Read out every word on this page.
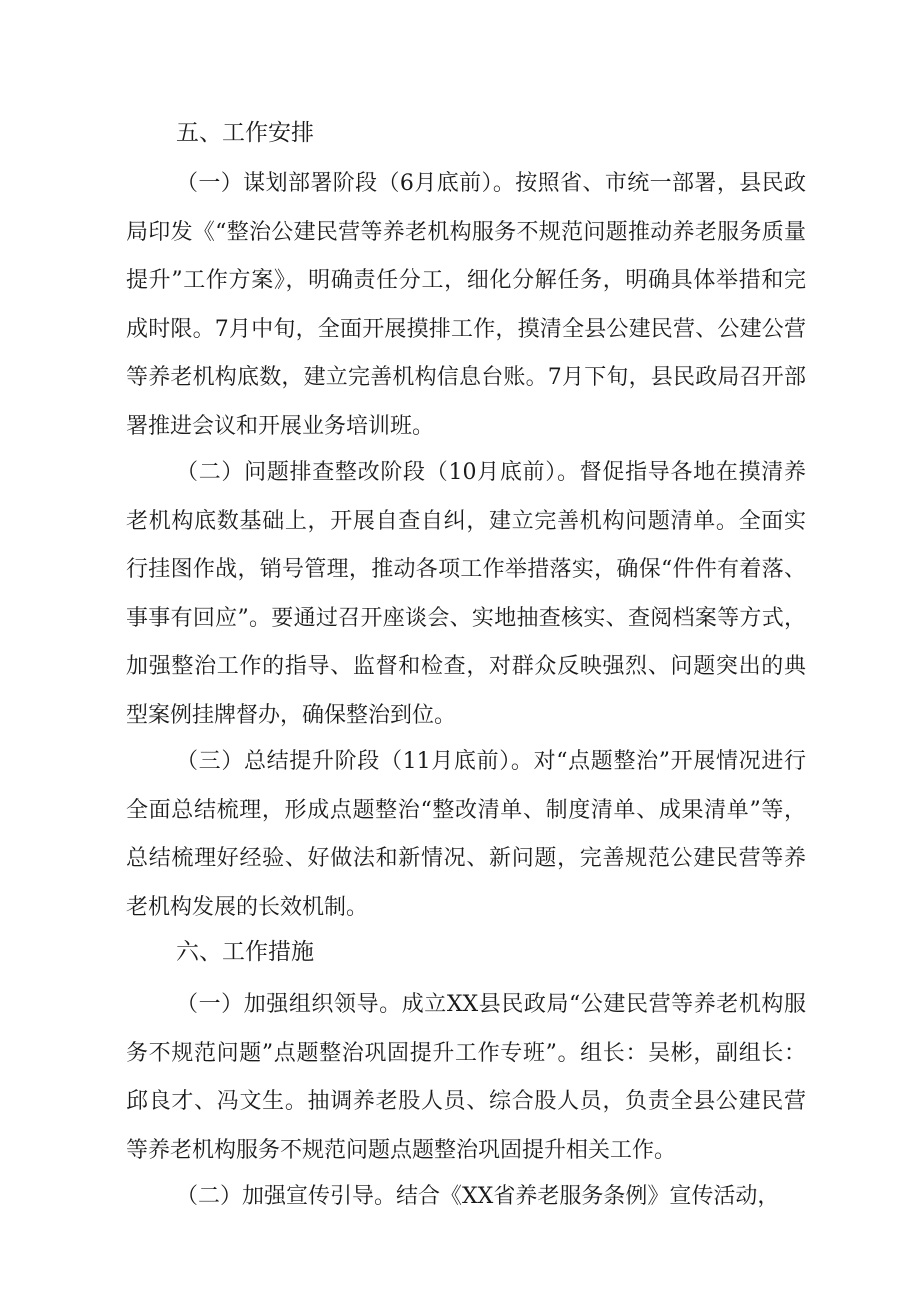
五、工作安排

（一）谋划部署阶段（6月底前）。按照省、市统一部署，县民政局印发《“整治公建民营等养老机构服务不规范问题推动养老服务质量提升”工作方案》，明确责任分工，细化分解任务，明确具体举措和完成时限。7月中旬，全面开展摸排工作，摸清全县公建民营、公建公营等养老机构底数，建立完善机构信息台账。7月下旬，县民政局召开部署推进会议和开展业务培训班。

（二）问题排查整改阶段（10月底前）。督促指导各地在摸清养老机构底数基础上，开展自查自纠，建立完善机构问题清单。全面实行挂图作战，销号管理，推动各项工作举措落实，确保“件件有着落、事事有回应”。要通过召开座谈会、实地抽查核实、查阅档案等方式，加强整治工作的指导、监督和检查，对群众反映强烈、问题突出的典型案例挂牌督办，确保整治到位。

（三）总结提升阶段（11月底前）。对“点题整治”开展情况进行全面总结梳理，形成点题整治“整改清单、制度清单、成果清单”等，总结梳理好经验、好做法和新情况、新问题，完善规范公建民营等养老机构发展的长效机制。

六、工作措施

（一）加强组织领导。成立XX县民政局“公建民营等养老机构服务不规范问题”点题整治巩固提升工作专班”。组长：吴彬，副组长：邱良才、冯文生。抽调养老股人员、综合股人员，负责全县公建民营等养老机构服务不规范问题点题整治巩固提升相关工作。

（二）加强宣传引导。结合《XX省养老服务条例》宣传活动，
